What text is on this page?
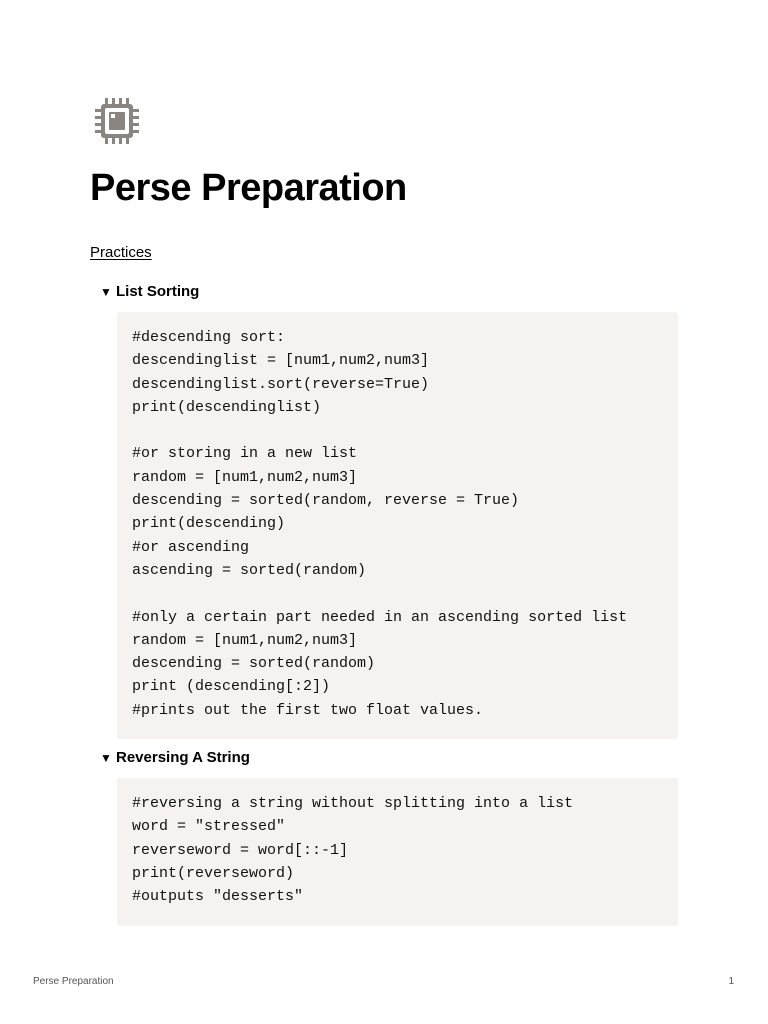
Perse Preparation
Practices
▼ List Sorting
#descending sort:
descendinglist = [num1,num2,num3]
descendinglist.sort(reverse=True)
print(descendinglist)
#or storing in a new list
random = [num1,num2,num3]
descending = sorted(random, reverse = True)
print(descending)
#or ascending
ascending = sorted(random)
#only a certain part needed in an ascending sorted list
random = [num1,num2,num3]
descending = sorted(random)
print (descending[:2])
#prints out the first two float values.
▼ Reversing A String
#reversing a string without splitting into a list
word = "stressed"
reverseword = word[::-1]
print(reverseword)
#outputs "desserts"
Perse Preparation	1
